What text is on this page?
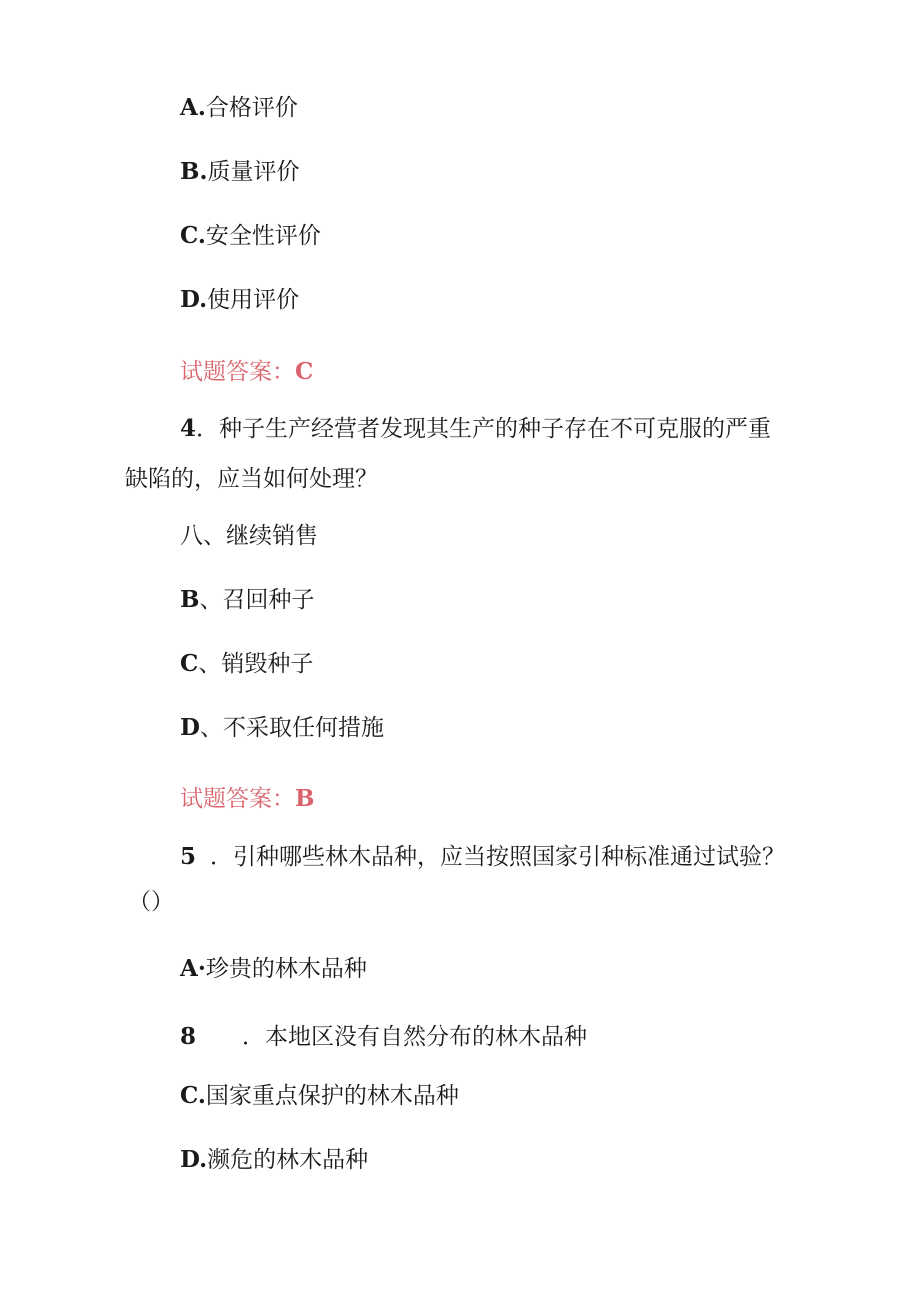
A.合格评价
B.质量评价
C.安全性评价
D.使用评价
试题答案：C
4．种子生产经营者发现其生产的种子存在不可克服的严重
缺陷的，应当如何处理？
八、继续销售
B、召回种子
C、销毁种子
D、不采取任何措施
试题答案：B
5 ．引种哪些林木品种，应当按照国家引种标准通过试验？
（）
A·珍贵的林木品种
8 ．本地区没有自然分布的林木品种
C.国家重点保护的林木品种
D.濒危的林木品种
